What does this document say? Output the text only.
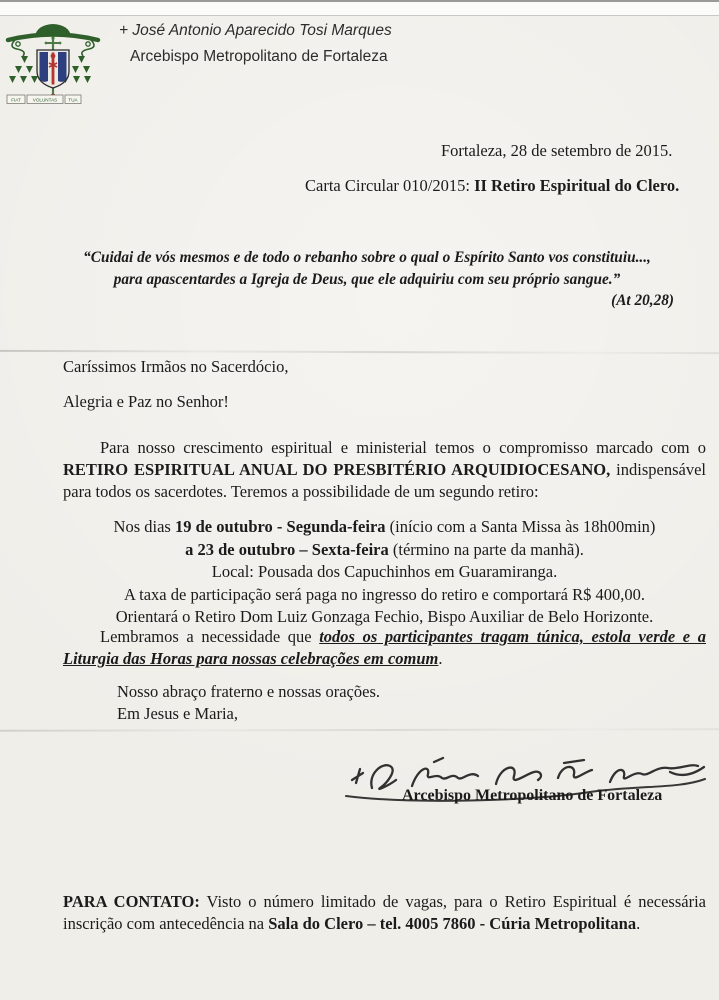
FIAT	VOLUNTAS TUA
+ José Antonio Aparecido Tosi Marques
Arcebispo Metropolitano de Fortaleza
Fortaleza, 28 de setembro de 2015.
Carta Circular 010/2015: II Retiro Espiritual do Clero.
“Cuidai de vós mesmos e de todo o rebanho sobre o qual o Espírito Santo vos constituiu...,
para apascentardes a Igreja de Deus, que ele adquiriu com seu próprio sangue.”
(At 20,28)
Caríssimos Irmãos no Sacerdócio,
Alegria e Paz no Senhor!
Para nosso crescimento espiritual e ministerial temos o compromisso marcado com o RETIRO ESPIRITUAL ANUAL DO PRESBITÉRIO ARQUIDIOCESANO, indispensável para todos os sacerdotes. Teremos a possibilidade de um segundo retiro:
Nos dias 19 de outubro - Segunda-feira (início com a Santa Missa às 18h00min)
a 23 de outubro – Sexta-feira (término na parte da manhã).
Local: Pousada dos Capuchinhos em Guaramiranga.
A taxa de participação será paga no ingresso do retiro e comportará R$ 400,00.
Orientará o Retiro Dom Luiz Gonzaga Fechio, Bispo Auxiliar de Belo Horizonte.
Lembramos a necessidade que todos os participantes tragam túnica, estola verde e a Liturgia das Horas para nossas celebrações em comum.
Nosso abraço fraterno e nossas orações.
Em Jesus e Maria,
Arcebispo Metropolitano de Fortaleza
PARA CONTATO: Visto o número limitado de vagas, para o Retiro Espiritual é necessária inscrição com antecedência na Sala do Clero – tel. 4005 7860 - Cúria Metropolitana.
